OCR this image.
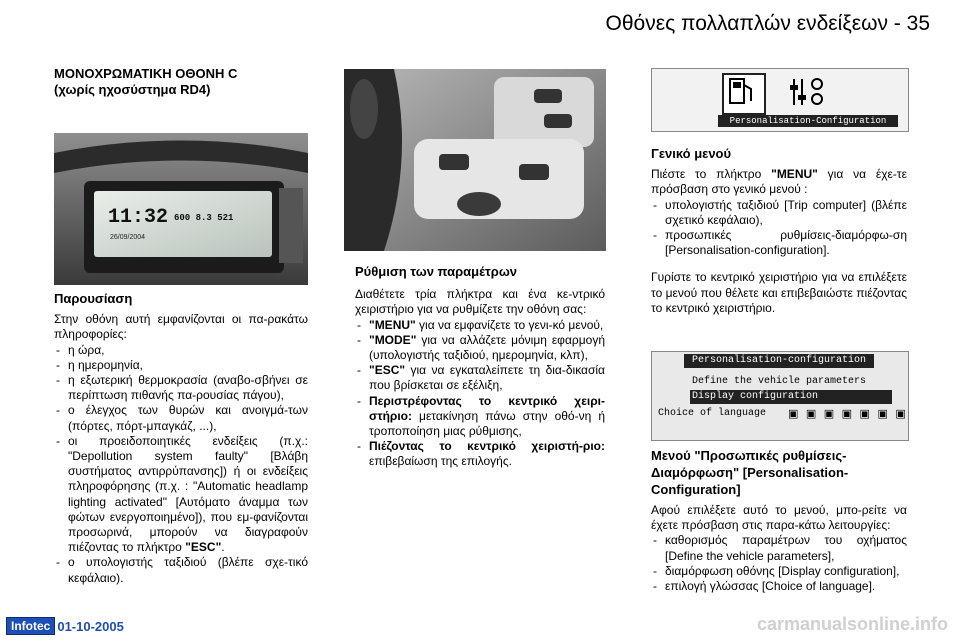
Οθόνες πολλαπλών ενδείξεων - 35

ΜΟΝΟΧΡΩΜΑΤΙΚΗ ΟΘΟΝΗ C

(χωρίς ηχοσύστημα RD4)

11:32
26/09/2004
600 8.3 521

Παρουσίαση

Στην οθόνη αυτή εμφανίζονται οι πα-ρακάτω πληροφορίες:

- η ώρα,
- η ημερομηνία,
- η εξωτερική θερμοκρασία (αναβο-σβήνει σε περίπτωση πιθανής πα-ρουσίας πάγου),
- ο έλεγχος των θυρών και ανοιγμά-των (πόρτες, πόρτ-μπαγκάζ, ...),
- οι προειδοποιητικές ενδείξεις (π.χ.: "Depollution system faulty" [Βλάβη συστήματος αντιρρύπανσης]) ή οι ενδείξεις πληροφόρησης (π.χ. : "Automatic headlamp lighting activated" [Αυτόματο άναμμα των φώτων ενεργοποιημένο]), που εμ-φανίζονται προσωρινά, μπορούν να διαγραφούν πιέζοντας το πλήκτρο "ESC".
- ο υπολογιστής ταξιδιού (βλέπε σχε-τικό κεφάλαιο).

Ρύθμιση των παραμέτρων

Διαθέτετε τρία πλήκτρα και ένα κε-ντρικό χειριστήριο για να ρυθμίζετε την οθόνη σας:

- "MENU" για να εμφανίζετε το γενι-κό μενού,
- "MODE" για να αλλάζετε μόνιμη εφαρμογή (υπολογιστής ταξιδιού, ημερομηνία, κλπ),
- "ESC" για να εγκαταλείπετε τη δια-δικασία που βρίσκεται σε εξέλιξη,
- Περιστρέφοντας το κεντρικό χειρι-στήριο: μετακίνηση πάνω στην οθό-νη ή τροποποίηση μιας ρύθμισης,
- Πιέζοντας το κεντρικό χειριστή-ριο: επιβεβαίωση της επιλογής.
Personalisation-Configuration

Γενικό μενού

Πιέστε το πλήκτρο "MENU" για να έχε-τε πρόσβαση στο γενικό μενού :

- υπολογιστής ταξιδιού [Trip computer] (βλέπε σχετικό κεφάλαιο),
- προσωπικές ρυθμίσεις-διαμόρφω-ση [Personalisation-configuration].

Γυρίστε το κεντρικό χειριστήριο για να επιλέξετε το μενού που θέλετε και επιβεβαιώστε πιέζοντας το κεντρικό χειριστήριο.

Personalisation-configuration
Define the vehicle parameters
Display configuration
Choice of language ▣ ▣ ▣ ▣ ▣ ▣ ▣

Μενού "Προσωπικές ρυθμίσεις-Διαμόρφωση" [Personalisation-Configuration]

Αφού επιλέξετε αυτό το μενού, μπο-ρείτε να έχετε πρόσβαση στις παρα-κάτω λειτουργίες:

- καθορισμός παραμέτρων του οχήματος [Define the vehicle parameters],
- διαμόρφωση οθόνης [Display configuration],
- επιλογή γλώσσας [Choice of language].
Infotec 01-10-2005	carmanualsonline.info
